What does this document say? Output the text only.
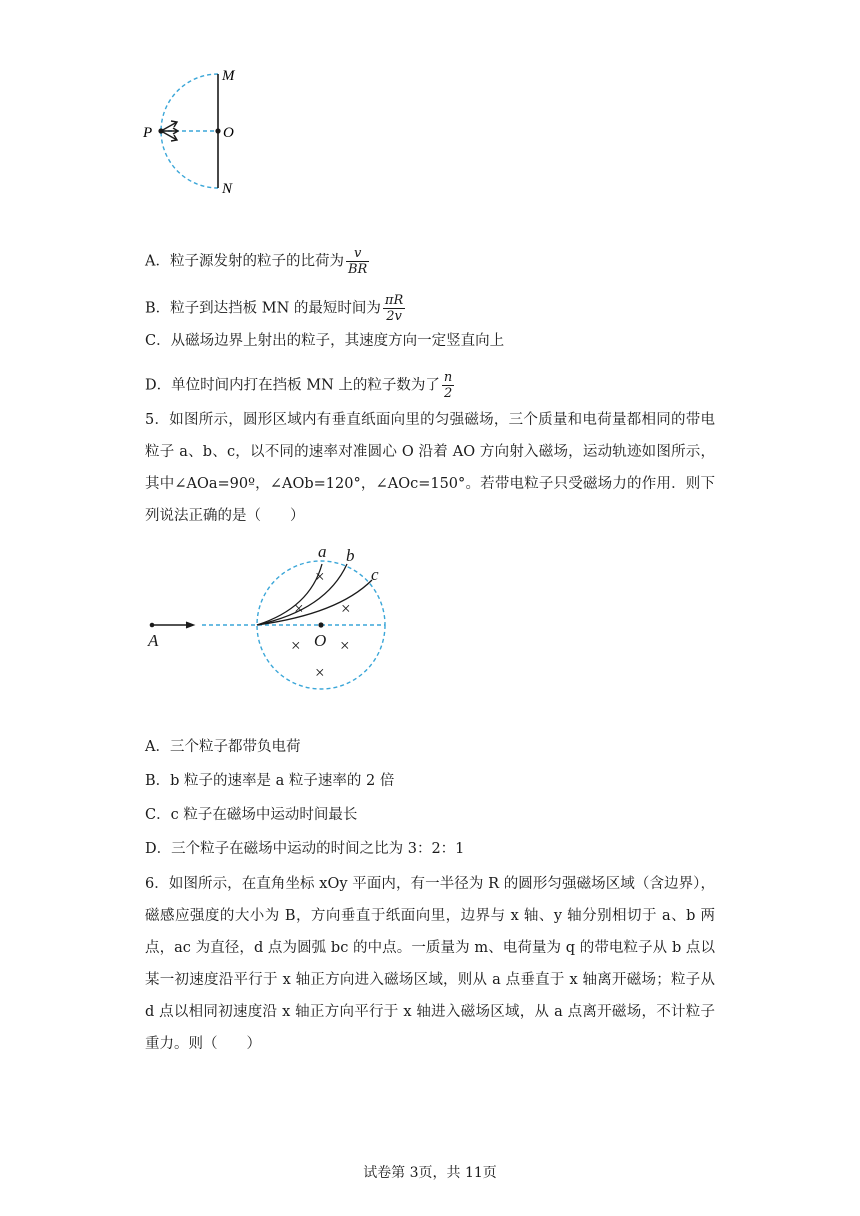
M
O
N
P
A．粒子源发射的粒子的比荷为 $\frac{v}{BR}$
B．粒子到达挡板 MN 的最短时间为 $\frac{\pi R}{2v}$
C．从磁场边界上射出的粒子，其速度方向一定竖直向上
D．单位时间内打在挡板 MN 上的粒子数为了 $\frac{n}{2}$
5．如图所示，圆形区域内有垂直纸面向里的匀强磁场，三个质量和电荷量都相同的带电粒子 a、b、c，以不同的速率对准圆心 O 沿着 AO 方向射入磁场，运动轨迹如图所示，其中∠AOa=90º，∠AOb=120°，∠AOc=150°。若带电粒子只受磁场力的作用．则下列说法正确的是（　　）
×
× ×
× ×
×
a b
c
A	O
A．三个粒子都带负电荷
B．b 粒子的速率是 a 粒子速率的 2 倍
C．c 粒子在磁场中运动时间最长
D．三个粒子在磁场中运动的时间之比为 3：2：1
6．如图所示，在直角坐标 xOy 平面内，有一半径为 R 的圆形匀强磁场区域（含边界），磁感应强度的大小为 B，方向垂直于纸面向里，边界与 x 轴、y 轴分别相切于 a、b 两点，ac 为直径，d 点为圆弧 bc 的中点。一质量为 m、电荷量为 q 的带电粒子从 b 点以某一初速度沿平行于 x 轴正方向进入磁场区域，则从 a 点垂直于 x 轴离开磁场；粒子从 d 点以相同初速度沿 x 轴正方向平行于 x 轴进入磁场区域，从 a 点离开磁场，不计粒子重力。则（　　）
试卷第 3页，共 11页
